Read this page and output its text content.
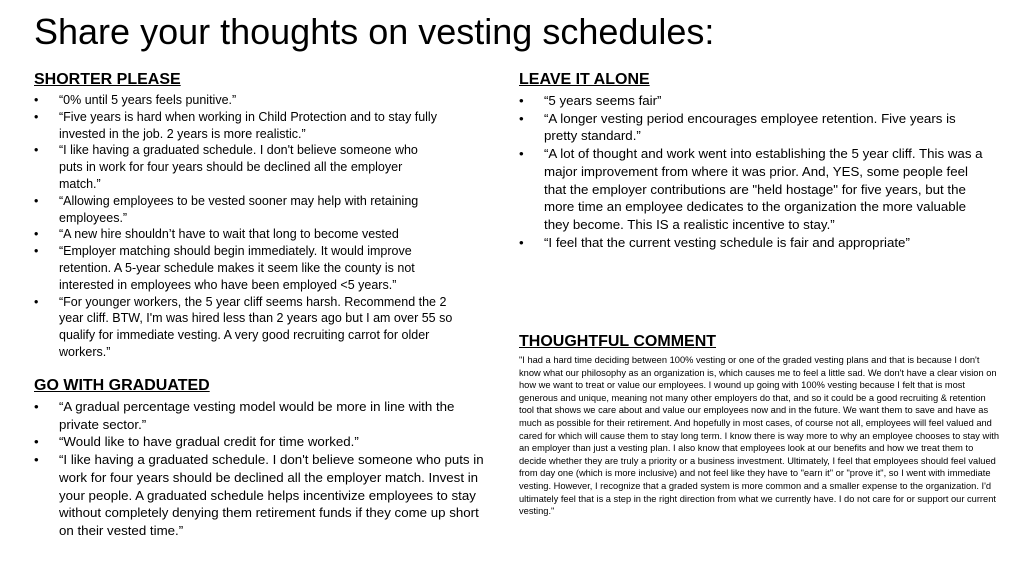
Share your thoughts on vesting schedules:
SHORTER PLEASE
• “0% until 5 years feels punitive.”
• “Five years is hard when working in Child Protection and to stay fully invested in the job. 2 years is more realistic.”
• “I like having a graduated schedule. I don't believe someone who puts in work for four years should be declined all the employer match.”
• “Allowing employees to be vested sooner may help with retaining employees.”
• “A new hire shouldn’t have to wait that long to become vested
• “Employer matching should begin immediately. It would improve retention. A 5-year schedule makes it seem like the county is not interested in employees who have been employed <5 years.”
• “For younger workers, the 5 year cliff seems harsh. Recommend the 2 year cliff. BTW, I'm was hired less than 2 years ago but I am over 55 so qualify for immediate vesting. A very good recruiting carrot for older workers.”
GO WITH GRADUATED
• “A gradual percentage vesting model would be more in line with the private sector.”
• “Would like to have gradual credit for time worked.”
• “I like having a graduated schedule. I don't believe someone who puts in work for four years should be declined all the employer match. Invest in your people. A graduated schedule helps incentivize employees to stay without completely denying them retirement funds if they come up short on their vested time.”
LEAVE IT ALONE
• “5 years seems fair”
• “A longer vesting period encourages employee retention. Five years is pretty standard.”
• “A lot of thought and work went into establishing the 5 year cliff. This was a major improvement from where it was prior. And, YES, some people feel that the employer contributions are "held hostage" for five years, but the more time an employee dedicates to the organization the more valuable they become. This IS a realistic incentive to stay.”
• “I feel that the current vesting schedule is fair and appropriate”
THOUGHTFUL COMMENT

"I had a hard time deciding between 100% vesting or one of the graded vesting plans and that is because I don't know what our philosophy as an organization is, which causes me to feel a little sad. We don't have a clear vision on how we want to treat or value our employees. I wound up going with 100% vesting because I felt that is most generous and unique, meaning not many other employers do that, and so it could be a good recruiting & retention tool that shows we care about and value our employees now and in the future. We want them to save and have as much as possible for their retirement. And hopefully in most cases, of course not all, employees will feel valued and cared for which will cause them to stay long term. I know there is way more to why an employee chooses to stay with an employer than just a vesting plan. I also know that employees look at our benefits and how we treat them to decide whether they are truly a priority or a business investment. Ultimately, I feel that employees should feel valued from day one (which is more inclusive) and not feel like they have to "earn it" or "prove it", so I went with immediate vesting. However, I recognize that a graded system is more common and a smaller expense to the organization. I'd ultimately feel that is a step in the right direction from what we currently have. I do not care for or support our current vesting."
